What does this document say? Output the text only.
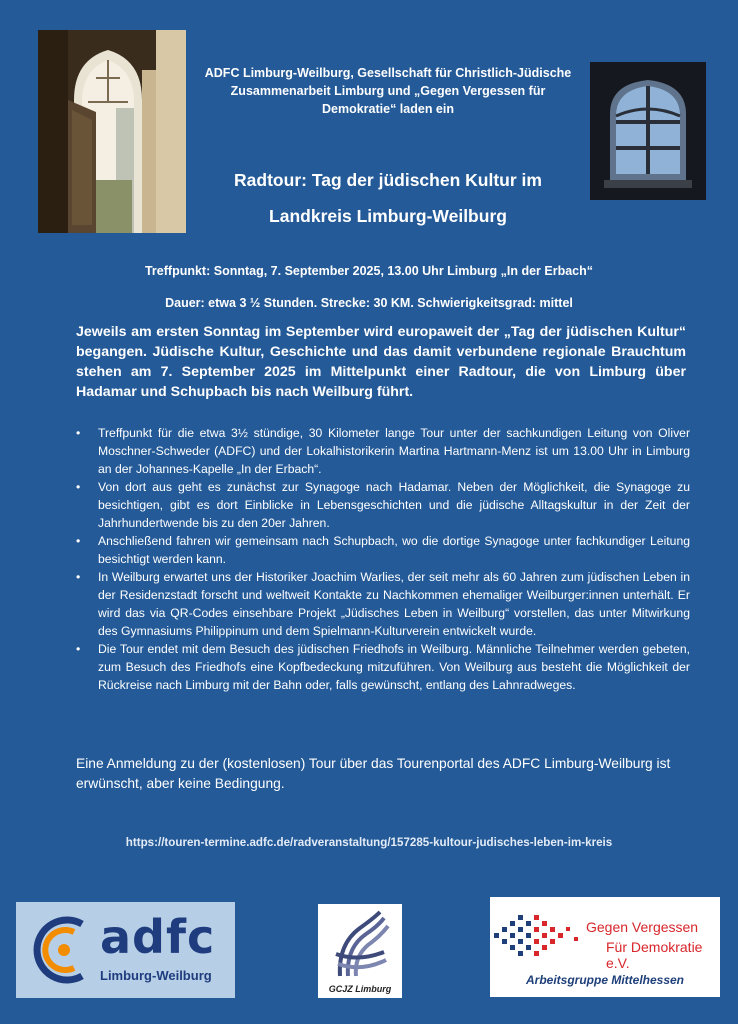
ADFC Limburg-Weilburg, Gesellschaft für Christlich-Jüdische Zusammenarbeit Limburg und „Gegen Vergessen für Demokratie“ laden ein
Radtour: Tag der jüdischen Kultur im
Landkreis Limburg-Weilburg
Treffpunkt: Sonntag, 7. September 2025, 13.00 Uhr Limburg „In der Erbach“
Dauer: etwa 3 ½ Stunden. Strecke: 30 KM. Schwierigkeitsgrad: mittel
Jeweils am ersten Sonntag im September wird europaweit der „Tag der jüdischen Kultur“ begangen. Jüdische Kultur, Geschichte und das damit verbundene regionale Brauchtum stehen am 7. September 2025 im Mittelpunkt einer Radtour, die von Limburg über Hadamar und Schupbach bis nach Weilburg führt.
• Treffpunkt für die etwa 3½ stündige, 30 Kilometer lange Tour unter der sachkundigen Leitung von Oliver Moschner-Schweder (ADFC) und der Lokalhistorikerin Martina Hartmann-Menz ist um 13.00 Uhr in Limburg an der Johannes-Kapelle „In der Erbach“.
• Von dort aus geht es zunächst zur Synagoge nach Hadamar. Neben der Möglichkeit, die Synagoge zu besichtigen, gibt es dort Einblicke in Lebensgeschichten und die jüdische Alltagskultur in der Zeit der Jahrhundertwende bis zu den 20er Jahren.
• Anschließend fahren wir gemeinsam nach Schupbach, wo die dortige Synagoge unter fachkundiger Leitung besichtigt werden kann.
• In Weilburg erwartet uns der Historiker Joachim Warlies, der seit mehr als 60 Jahren zum jüdischen Leben in der Residenzstadt forscht und weltweit Kontakte zu Nachkommen ehemaliger Weilburger:innen unterhält. Er wird das via QR-Codes einsehbare Projekt „Jüdisches Leben in Weilburg“ vorstellen, das unter Mitwirkung des Gymnasiums Philippinum und dem Spielmann-Kulturverein entwickelt wurde.
• Die Tour endet mit dem Besuch des jüdischen Friedhofs in Weilburg. Männliche Teilnehmer werden gebeten, zum Besuch des Friedhofs eine Kopfbedeckung mitzuführen. Von Weilburg aus besteht die Möglichkeit der Rückreise nach Limburg mit der Bahn oder, falls gewünscht, entlang des Lahnradweges.
Eine Anmeldung zu der (kostenlosen) Tour über das Tourenportal des ADFC Limburg-Weilburg ist erwünscht, aber keine Bedingung.
https://touren-termine.adfc.de/radveranstaltung/157285-kultour-judisches-leben-im-kreis
adfc
Limburg-Weilburg
GCJZ Limburg
Gegen Vergessen
Für Demokratie e.V.
Arbeitsgruppe Mittelhessen
